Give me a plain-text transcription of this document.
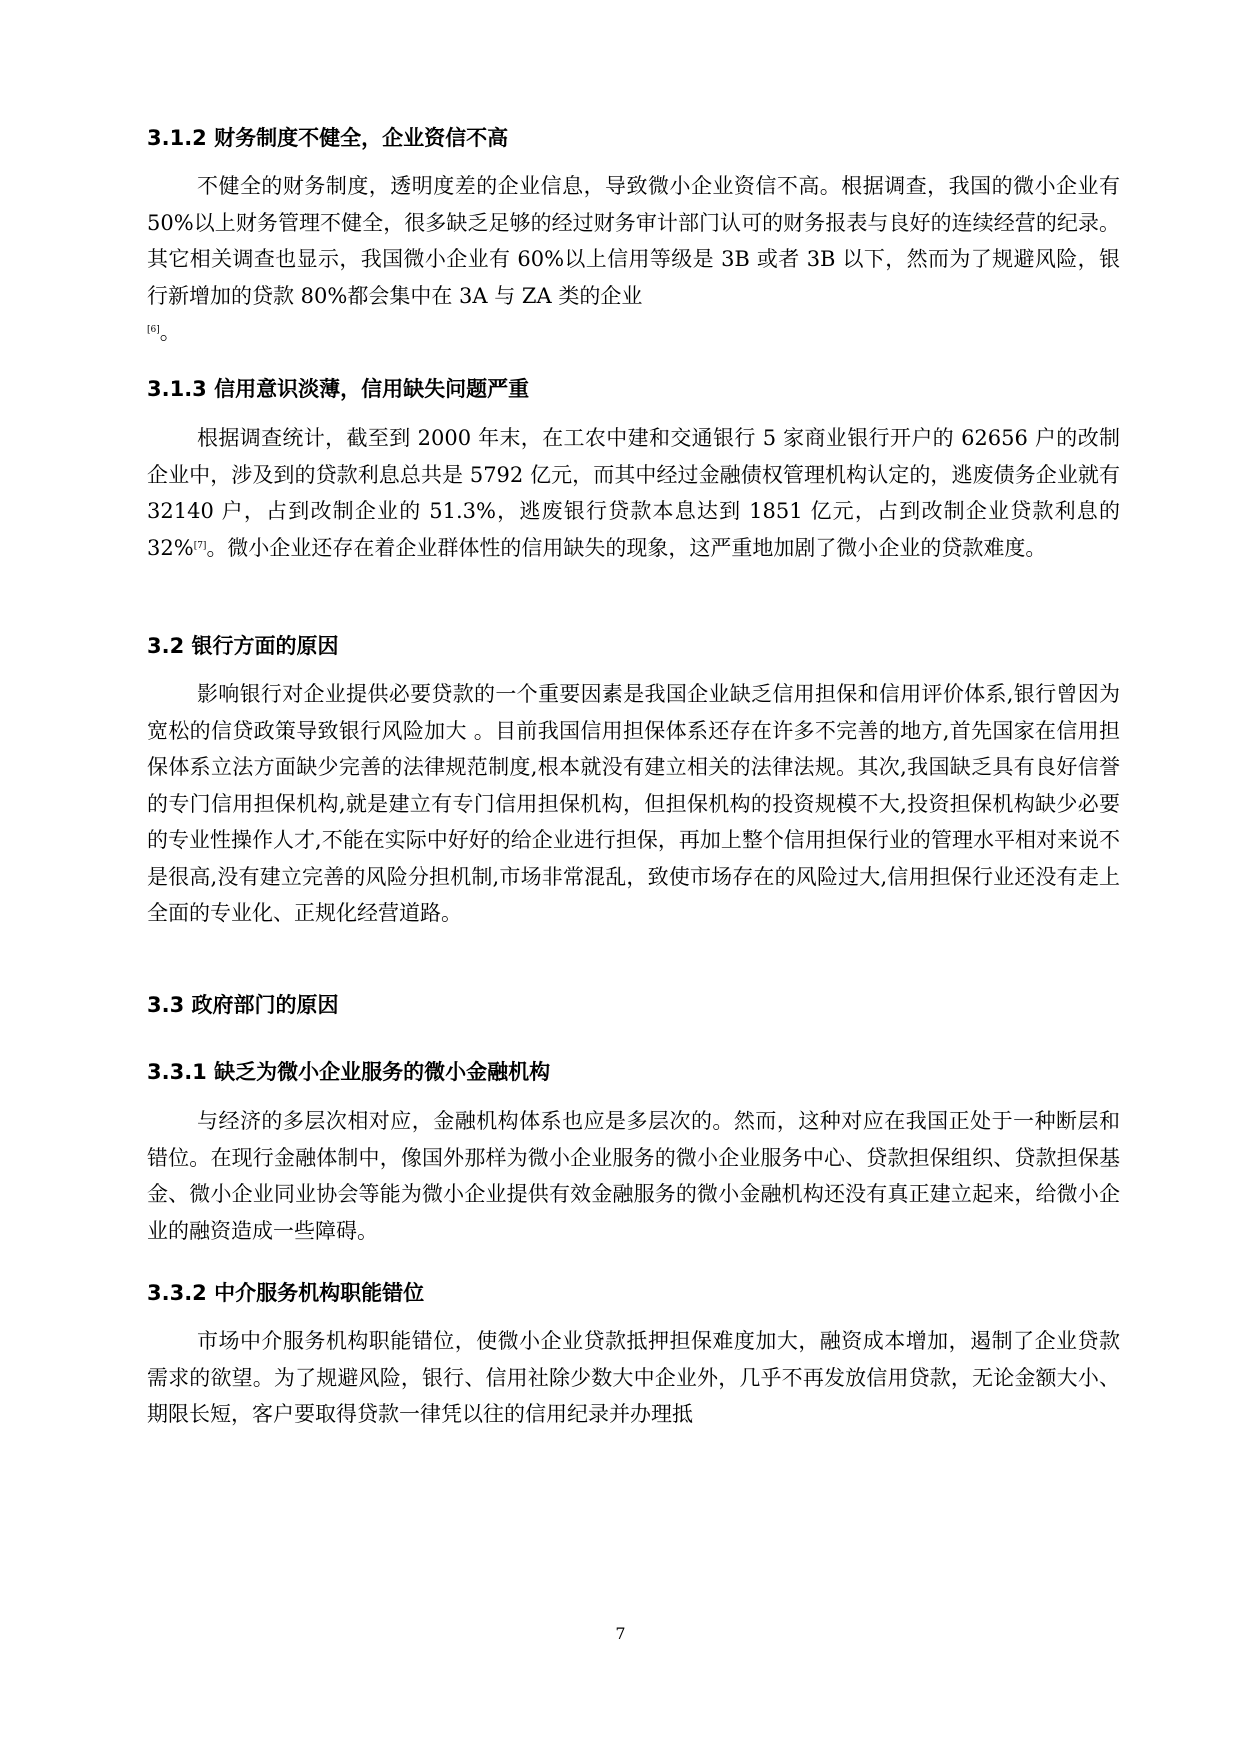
3.1.2 财务制度不健全，企业资信不高
不健全的财务制度，透明度差的企业信息，导致微小企业资信不高。根据调查，我国的微小企业有 50%以上财务管理不健全，很多缺乏足够的经过财务审计部门认可的财务报表与良好的连续经营的纪录。其它相关调查也显示，我国微小企业有 60%以上信用等级是 3B 或者 3B 以下，然而为了规避风险，银行新增加的贷款 80%都会集中在 3A 与 ZA 类的企业
[6]。
3.1.3 信用意识淡薄，信用缺失问题严重
根据调查统计，截至到 2000 年末，在工农中建和交通银行 5 家商业银行开户的 62656 户的改制企业中，涉及到的贷款利息总共是 5792 亿元，而其中经过金融债权管理机构认定的，逃废债务企业就有 32140 户，占到改制企业的 51.3%，逃废银行贷款本息达到 1851 亿元，占到改制企业贷款利息的 32%[7]。微小企业还存在着企业群体性的信用缺失的现象，这严重地加剧了微小企业的贷款难度。
3.2 银行方面的原因
影响银行对企业提供必要贷款的一个重要因素是我国企业缺乏信用担保和信用评价体系,银行曾因为宽松的信贷政策导致银行风险加大 。目前我国信用担保体系还存在许多不完善的地方,首先国家在信用担保体系立法方面缺少完善的法律规范制度,根本就没有建立相关的法律法规。其次,我国缺乏具有良好信誉的专门信用担保机构,就是建立有专门信用担保机构，但担保机构的投资规模不大,投资担保机构缺少必要的专业性操作人才,不能在实际中好好的给企业进行担保，再加上整个信用担保行业的管理水平相对来说不是很高,没有建立完善的风险分担机制,市场非常混乱，致使市场存在的风险过大,信用担保行业还没有走上全面的专业化、正规化经营道路。
3.3 政府部门的原因
3.3.1 缺乏为微小企业服务的微小金融机构
与经济的多层次相对应，金融机构体系也应是多层次的。然而，这种对应在我国正处于一种断层和错位。在现行金融体制中，像国外那样为微小企业服务的微小企业服务中心、贷款担保组织、贷款担保基金、微小企业同业协会等能为微小企业提供有效金融服务的微小金融机构还没有真正建立起来，给微小企业的融资造成一些障碍。
3.3.2 中介服务机构职能错位
市场中介服务机构职能错位，使微小企业贷款抵押担保难度加大，融资成本增加，遏制了企业贷款需求的欲望。为了规避风险，银行、信用社除少数大中企业外，几乎不再发放信用贷款，无论金额大小、期限长短，客户要取得贷款一律凭以往的信用纪录并办理抵
7
